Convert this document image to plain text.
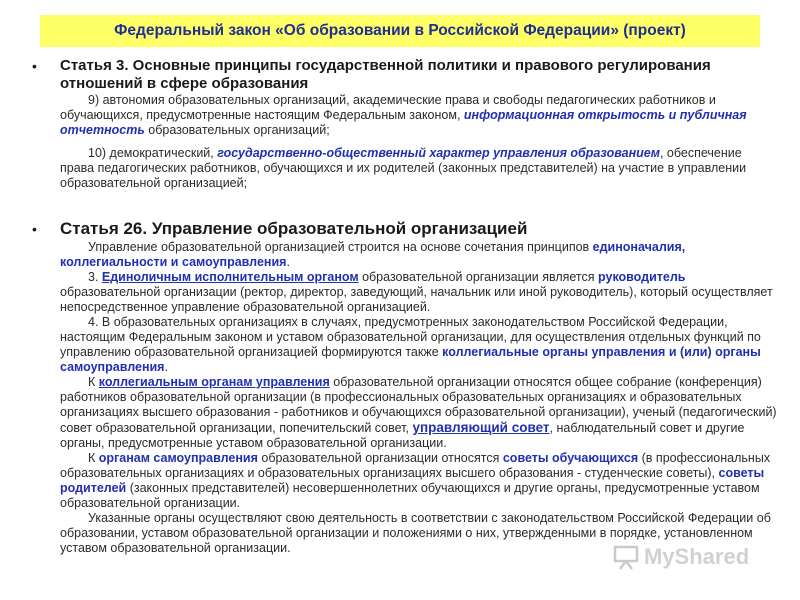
Федеральный закон «Об образовании в Российской Федерации» (проект)
• Статья 3. Основные принципы государственной политики и правового регулирования отношений в сфере образования
9) автономия образовательных организаций, академические права и свободы педагогических работников и обучающихся, предусмотренные настоящим Федеральным законом, информационная открытость и публичная отчетность образовательных организаций;
10) демократический, государственно-общественный характер управления образованием, обеспечение права педагогических работников, обучающихся и их родителей (законных представителей) на участие в управлении образовательной организацией;
• Статья 26. Управление образовательной организацией
Управление образовательной организацией строится на основе сочетания принципов единоначалия, коллегиальности и самоуправления.
3. Единоличным исполнительным органом образовательной организации является руководитель образовательной организации (ректор, директор, заведующий, начальник или иной руководитель), который осуществляет непосредственное управление образовательной организацией.
4. В образовательных организациях в случаях, предусмотренных законодательством Российской Федерации, настоящим Федеральным законом и уставом образовательной организации, для осуществления отдельных функций по управлению образовательной организацией формируются также коллегиальные органы управления и (или) органы самоуправления.
К коллегиальным органам управления образовательной организации относятся общее собрание (конференция) работников образовательной организации (в профессиональных образовательных организациях и образовательных организациях высшего образования - работников и обучающихся образовательной организации), ученый (педагогический) совет образовательной организации, попечительский совет, управляющий совет, наблюдательный совет и другие органы, предусмотренные уставом образовательной организации.
К органам самоуправления образовательной организации относятся советы обучающихся (в профессиональных образовательных организациях и образовательных организациях высшего образования - студенческие советы), советы родителей (законных представителей) несовершеннолетних обучающихся и другие органы, предусмотренные уставом образовательной организации.
Указанные органы осуществляют свою деятельность в соответствии с законодательством Российской Федерации об образовании, уставом образовательной организации и положениями о них, утвержденными в порядке, установленном уставом образовательной организации.	MyShared
